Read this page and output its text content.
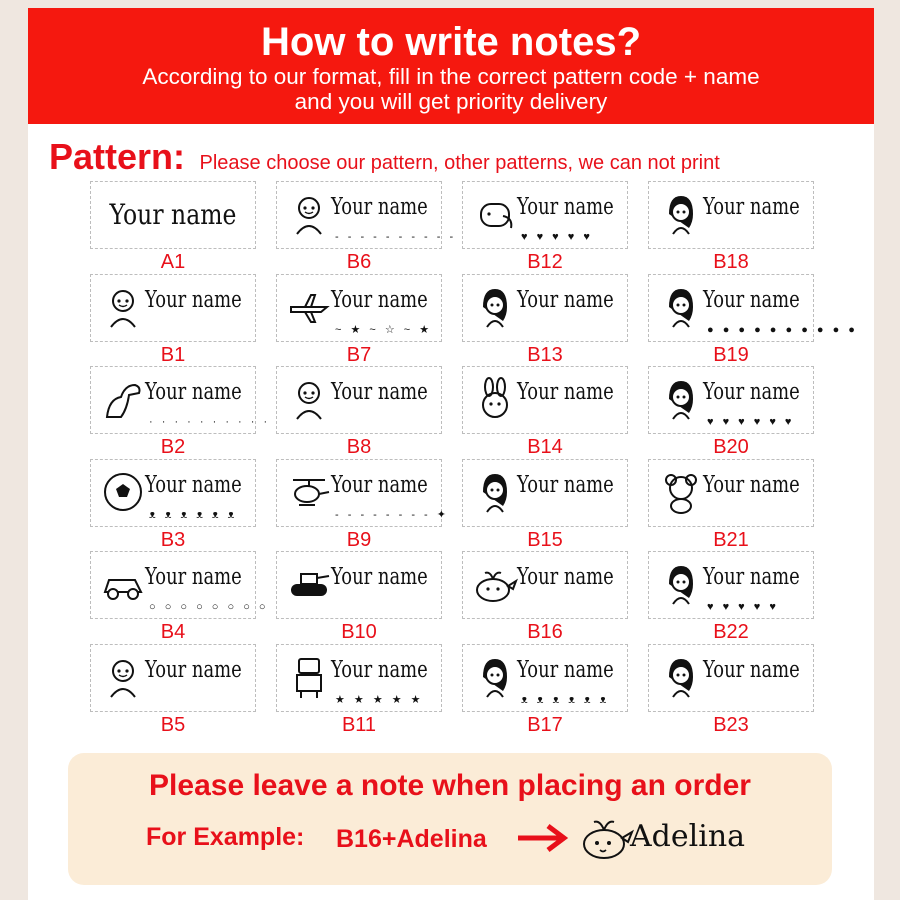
How to write notes?
According to our format, fill in the correct pattern code + name
and you will get priority delivery
Pattern: Please choose our pattern, other patterns, we can not print
Your name
A1
Your name
- - - - - - - - - -
B6
Your name
♥ ♥ ♥ ♥ ♥
B12
Your name
B18
Your name
B1
Your name
~ ★ ~ ☆ ~ ★
B7
Your name
B13
Your name
● ● ● ● ● ● ● ● ● ●
B19
Your name
· · · · · · · · · ·
B2
Your name
B8
Your name
B14
Your name
♥ ♥ ♥ ♥ ♥ ♥
B20
Your name
ᴥ ᴥ ᴥ ᴥ ᴥ ᴥ
B3
Your name
- - - - - - - - ✦
B9
Your name
B15
Your name
B21
Your name
○ ○ ○ ○ ○ ○ ○ ○
B4
Your name
B10
Your name
B16
Your name
♥ ♥ ♥ ♥ ♥
B22
Your name
B5
Your name
★ ★ ★ ★ ★
B11
Your name
ᴥ ᴥ ᴥ ᴥ ᴥ ᴥ
B17
Your name
B23
Please leave a note when placing an order
For Example: B16+Adelina	Adelina
